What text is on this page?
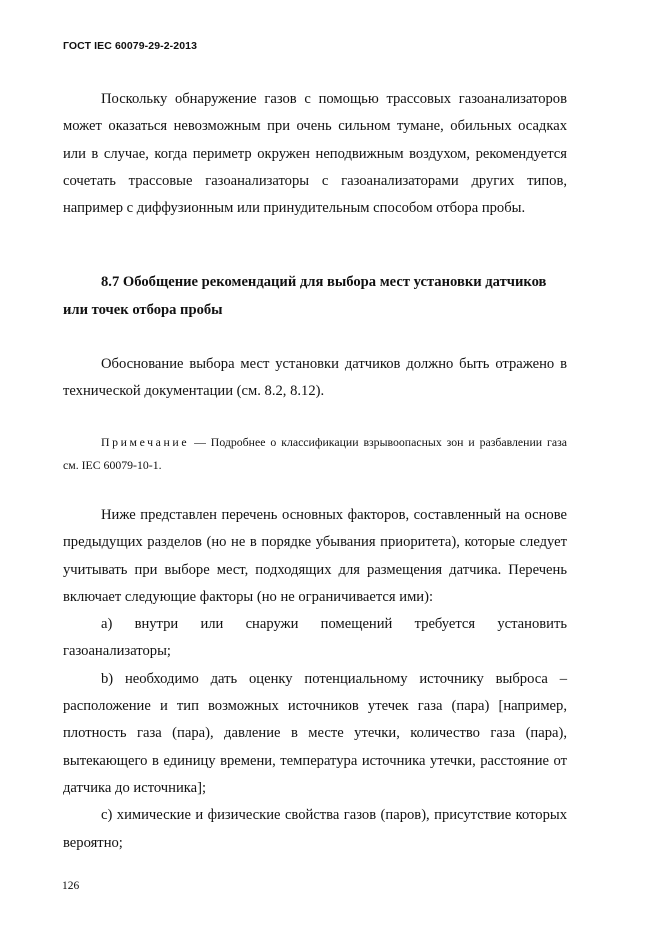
ГОСТ IEC 60079-29-2-2013

Поскольку обнаружение газов с помощью трассовых газоанализаторов может оказаться невозможным при очень сильном тумане, обильных осадках или в случае, когда периметр окружен неподвижным воздухом, рекомендуется сочетать трассовые газоанализаторы с газоанализаторами других типов, например с диффузионным или принудительным способом отбора пробы.

8.7 Обобщение рекомендаций для выбора мест установки датчиков или точек отбора пробы

Обоснование выбора мест установки датчиков должно быть отражено в технической документации (см. 8.2, 8.12).

Примечание — Подробнее о классификации взрывоопасных зон и разбавлении газа см. IEC 60079-10-1.

Ниже представлен перечень основных факторов, составленный на основе предыдущих разделов (но не в порядке убывания приоритета), которые следует учитывать при выборе мест, подходящих для размещения датчика. Перечень включает следующие факторы (но не ограничивается ими):

a) внутри или снаружи помещений требуется установить газоанализаторы;

b) необходимо дать оценку потенциальному источнику выброса – расположение и тип возможных источников утечек газа (пара) [например, плотность газа (пара), давление в месте утечки, количество газа (пара), вытекающего в единицу времени, температура источника утечки, расстояние от датчика до источника];

c) химические и физические свойства газов (паров), присутствие которых вероятно;

126
